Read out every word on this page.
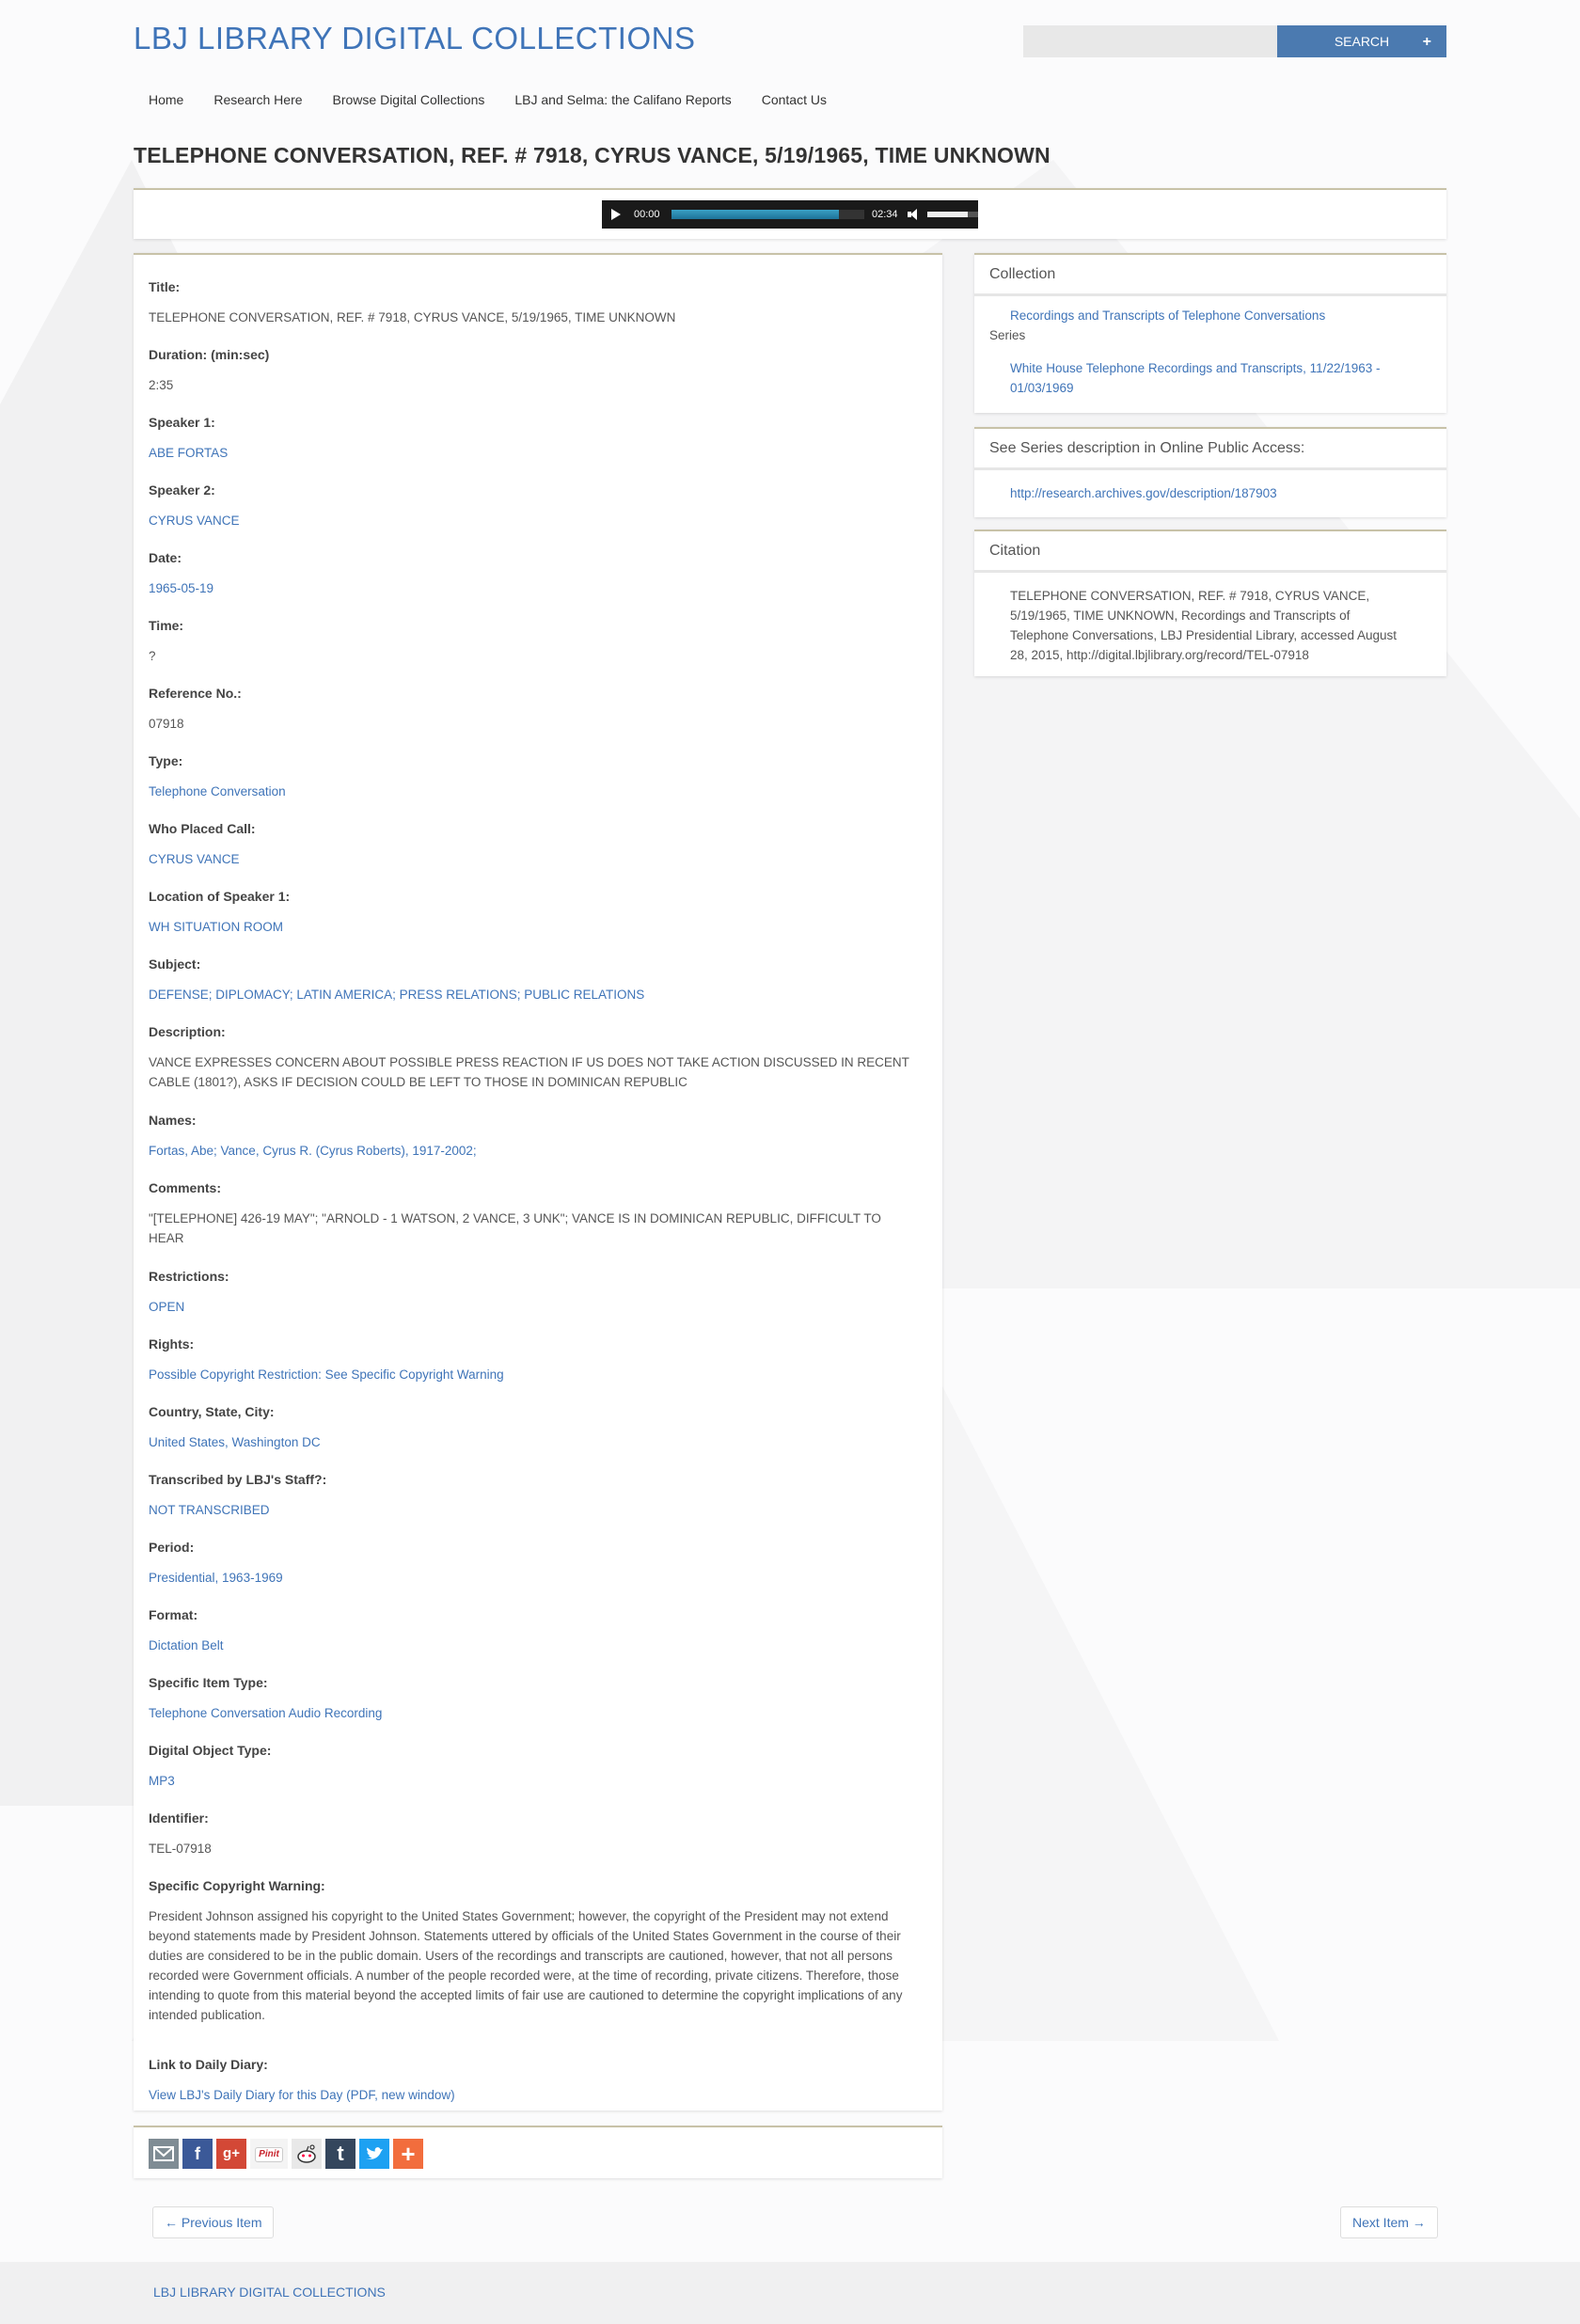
LBJ LIBRARY DIGITAL COLLECTIONS	SEARCH +
Home	Research Here	Browse Digital Collections	LBJ and Selma: the Califano Reports	Contact Us
TELEPHONE CONVERSATION, REF. # 7918, CYRUS VANCE, 5/19/1965, TIME UNKNOWN
00:00	02:34
Title:
TELEPHONE CONVERSATION, REF. # 7918, CYRUS VANCE, 5/19/1965, TIME UNKNOWN
Duration: (min:sec)
2:35
Speaker 1:
ABE FORTAS
Speaker 2:
CYRUS VANCE
Date:
1965-05-19
Time:
?
Reference No.:
07918
Type:
Telephone Conversation
Who Placed Call:
CYRUS VANCE
Location of Speaker 1:
WH SITUATION ROOM
Subject:
DEFENSE; DIPLOMACY; LATIN AMERICA; PRESS RELATIONS; PUBLIC RELATIONS
Description:
VANCE EXPRESSES CONCERN ABOUT POSSIBLE PRESS REACTION IF US DOES NOT TAKE ACTION DISCUSSED IN RECENT CABLE (1801?), ASKS IF DECISION COULD BE LEFT TO THOSE IN DOMINICAN REPUBLIC
Names:
Fortas, Abe; Vance, Cyrus R. (Cyrus Roberts), 1917-2002;
Comments:
"[TELEPHONE] 426-19 MAY"; "ARNOLD - 1 WATSON, 2 VANCE, 3 UNK"; VANCE IS IN DOMINICAN REPUBLIC, DIFFICULT TO HEAR
Restrictions:
OPEN
Rights:
Possible Copyright Restriction: See Specific Copyright Warning
Country, State, City:
United States, Washington DC
Transcribed by LBJ's Staff?:
NOT TRANSCRIBED
Period:
Presidential, 1963-1969
Format:
Dictation Belt
Specific Item Type:
Telephone Conversation Audio Recording
Digital Object Type:
MP3
Identifier:
TEL-07918
Specific Copyright Warning:
President Johnson assigned his copyright to the United States Government; however, the copyright of the President may not extend beyond statements made by President Johnson. Statements uttered by officials of the United States Government in the course of their duties are considered to be in the public domain. Users of the recordings and transcripts are cautioned, however, that not all persons recorded were Government officials. A number of the people recorded were, at the time of recording, private citizens. Therefore, those intending to quote from this material beyond the accepted limits of fair use are cautioned to determine the copyright implications of any intended publication.
Link to Daily Diary:
View LBJ's Daily Diary for this Day (PDF, new window)
Collection
Recordings and Transcripts of Telephone Conversations
Series
White House Telephone Recordings and Transcripts, 11/22/1963 - 01/03/1969
See Series description in Online Public Access:
http://research.archives.gov/description/187903
Citation
TELEPHONE CONVERSATION, REF. # 7918, CYRUS VANCE, 5/19/1965, TIME UNKNOWN, Recordings and Transcripts of Telephone Conversations, LBJ Presidential Library, accessed August 28, 2015, http://digital.lbjlibrary.org/record/TEL-07918
f	g+	Pinit	t	+
← Previous Item	Next Item →
LBJ LIBRARY DIGITAL COLLECTIONS
